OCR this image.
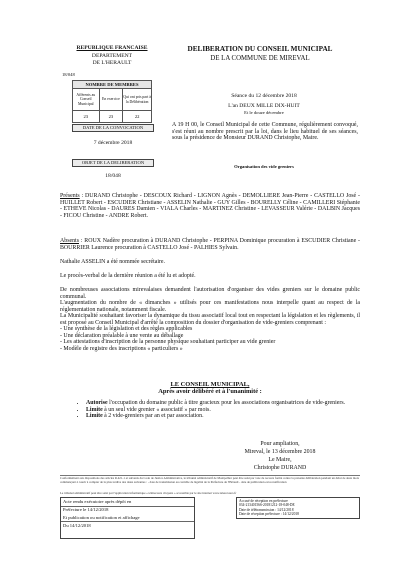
REPUBLIQUE FRANCAISE
DEPARTEMENT
DE L'HERAULT
18/048
NOMBRE DE MEMBRES		
Afférents au Conseil Municipal	En exercice	Qui ont pris part à la Délibération
23	23	22
DELIBERATION DU CONSEIL MUNICIPAL
DE LA COMMUNE DE MIREVAL
Séance du 12 décembre 2018
L'an DEUX MILLE DIX-HUIT
Et le douze décembre
DATE DE LA CONVOCATION
7 décembre 2018
A 19 H 00, le Conseil Municipal de cette Commune, régulièrement convoqué, s'est réuni au nombre prescrit par la loi, dans le lieu habituel de ses séances, sous la présidence de Monsieur DURAND Christophe, Maire.
OBJET DE LA DELIBERATION
18/048
Organisation des vide greniers
Présents : DURAND Christophe - DESCOUX Richard - LIGNON Agnès - DEMOLLIERE Jean-Pierre - CASTELLO José - HUILLET Robert - ESCUDIER Christiane - ASSELIN Nathalie - GUY Gilles - BOURELLY Céline - CAMILLERI Stéphanie - ETHEVE Nicolas - DAURES Damien - VIALA Charles - MARTINEZ Christine - LEVASSEUR Valérie - DALBIN Jacques - FICOU Christine - ANDRE Robert.
Absents : ROUX Nadère procuration à DURAND Christophe - PERPINA Dominique procuration à ESCUDIER Christiane - BOURRIER Laurence procuration à CASTELLO José - PALHIES Sylvain.
Nathalie ASSELIN a été nommée secrétaire.
Le procès-verbal de la dernière réunion a été lu et adopté.
De nombreuses associations mirevalaises demandent l'autorisation d'organiser des vides greniers sur le domaine public communal.
L'augmentation du nombre de « dimanches » utilisés pour ces manifestations nous interpelle quant au respect de la réglementation nationale, notamment fiscale.
La Municipalité souhaitant favoriser la dynamique du tissu associatif local tout en respectant la législation et les règlements, il est proposé au Conseil Municipal d'arrêté la composition du dossier d'organisation de vide-greniers comprenant :
- Une synthèse de la législation et des règles applicables
- Une déclaration préalable à une vente au déballage
- Les attestations d'inscription de la personne physique souhaitant participer au vide grenier
- Modèle de registre des inscriptions « particuliers »
LE CONSEIL MUNICIPAL,
Après avoir délibéré et à l'unanimité :
• Autorise l'occupation du domaine public à titre gracieux pour les associations organisatrices de vide-greniers.
• Limite à un seul vide grenier « associatif » par mois.
• Limite à 2 vide-greniers par an et par association.
Pour ampliation,
Mireval, le 13 décembre 2018
Le Maire,
Christophe DURAND
Conformément aux dispositions des articles R.421-1 et suivants du Code de Justice Administrative, le tribunal administratif de Montpellier peut être saisi par voie de recours formé contre la présente délibération pendant un délai de deux mois commençant à courir à compter de la plus tardive des dates suivantes : - date de transmission au contrôle de légalité de la Préfecture de l'Hérault - date de publication et/ou notification
Le tribunal administratif peut être saisi par l'application informatique « télérecours citoyens » accessible par le site internet www.telerecours.fr
Acte rendu exécutoire après dépôt en
Préfecture le 14/12/2018
Et publication ou notification et affichage
Du 14/12/2018
Accusé de réception en préfecture
034-213401566-20181212-18-048-DE
Date de télétransmission : 14/12/2018
Date de réception préfecture : 14/12/2018
